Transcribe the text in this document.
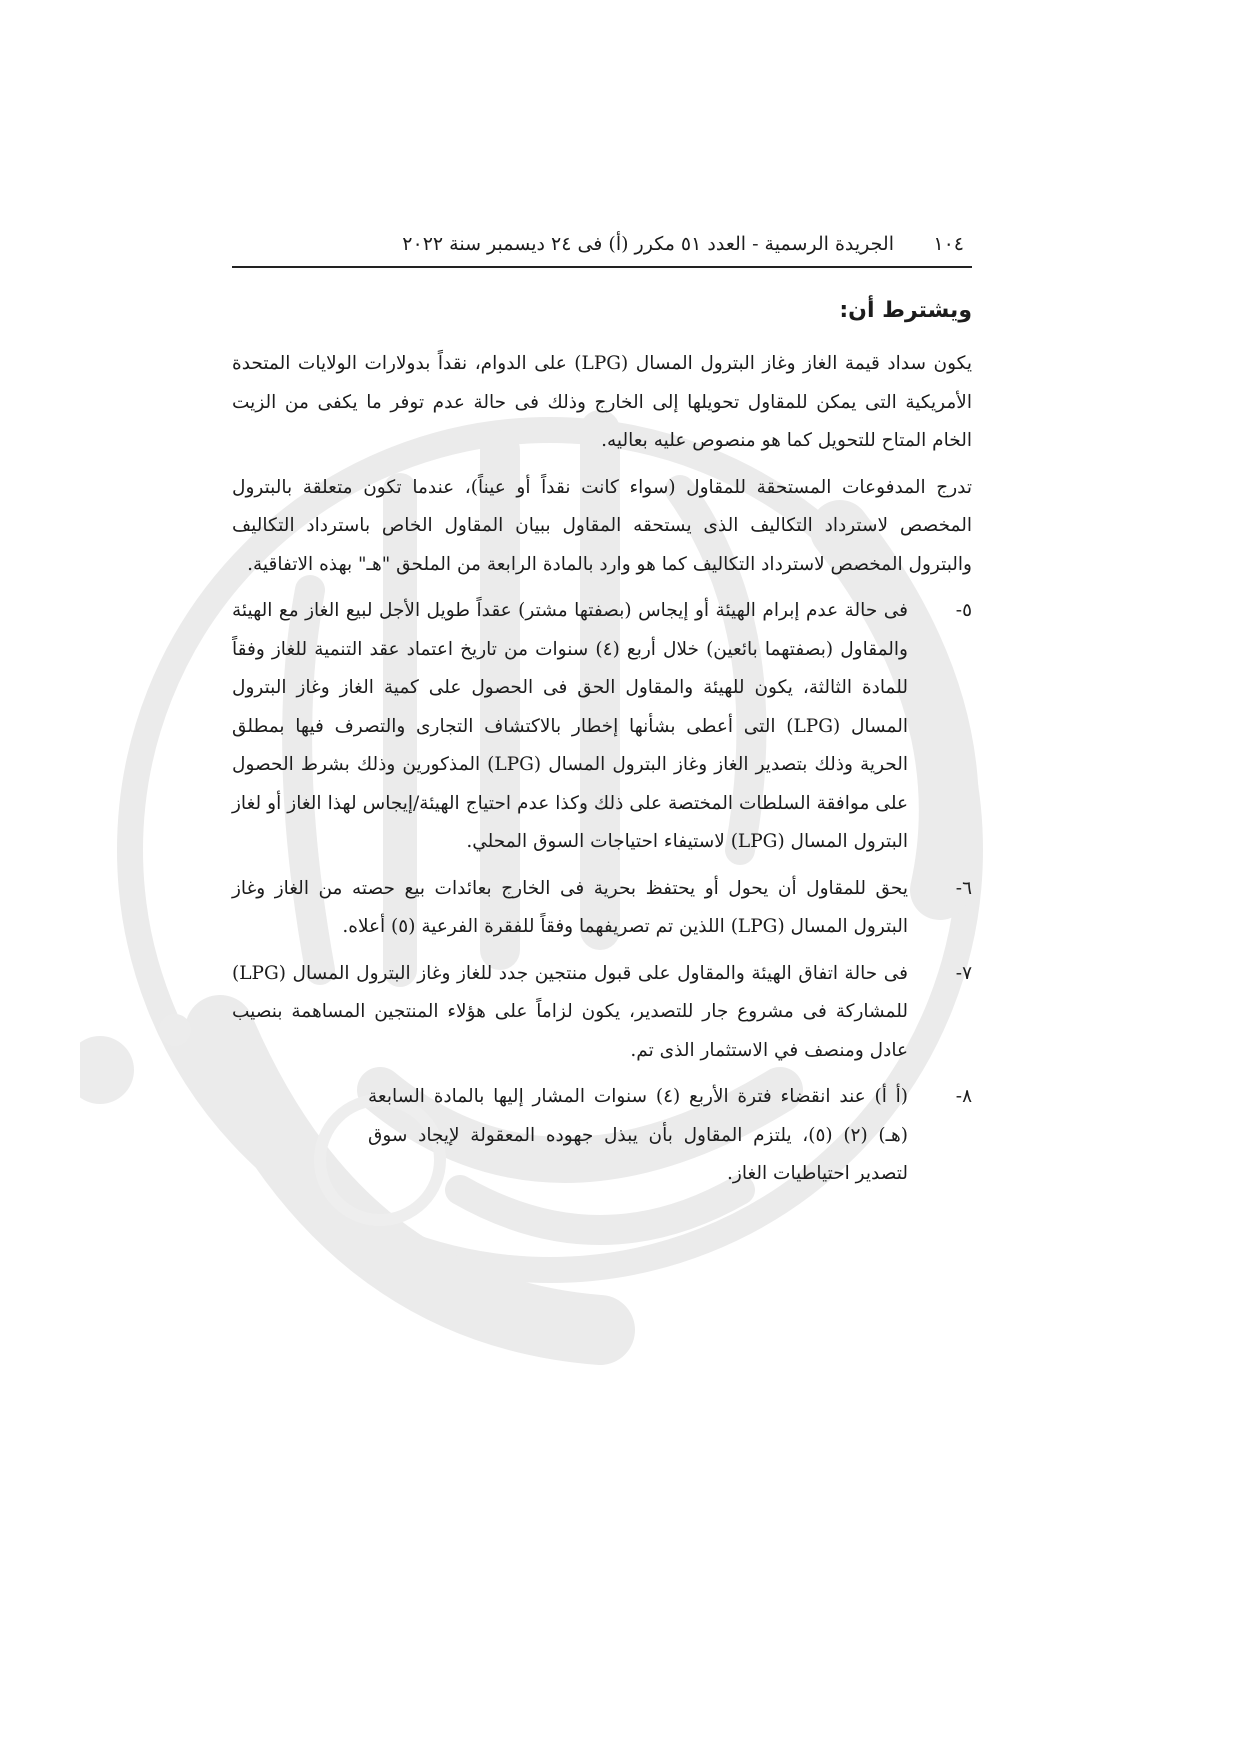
١٠٤
الجريدة الرسمية - العدد ٥١ مكرر (أ) فى ٢٤ ديسمبر سنة ٢٠٢٢
ويشترط أن:

يكون سداد قيمة الغاز وغاز البترول المسال (LPG) على الدوام، نقداً بدولارات الولايات المتحدة الأمريكية التى يمكن للمقاول تحويلها إلى الخارج وذلك فى حالة عدم توفر ما يكفى من الزيت الخام المتاح للتحويل كما هو منصوص عليه بعاليه.

تدرج المدفوعات المستحقة للمقاول (سواء كانت نقداً أو عيناً)، عندما تكون متعلقة بالبترول المخصص لاسترداد التكاليف الذى يستحقه المقاول ببيان المقاول الخاص باسترداد التكاليف والبترول المخصص لاسترداد التكاليف كما هو وارد بالمادة الرابعة من الملحق "هـ" بهذه الاتفاقية.

٥-
فى حالة عدم إبرام الهيئة أو إيجاس (بصفتها مشتر) عقداً طويل الأجل لبيع الغاز مع الهيئة والمقاول (بصفتهما بائعين) خلال أربع (٤) سنوات من تاريخ اعتماد عقد التنمية للغاز وفقاً للمادة الثالثة، يكون للهيئة والمقاول الحق فى الحصول على كمية الغاز وغاز البترول المسال (LPG) التى أعطى بشأنها إخطار بالاكتشاف التجارى والتصرف فيها بمطلق الحرية وذلك بتصدير الغاز وغاز البترول المسال (LPG) المذكورين وذلك بشرط الحصول على موافقة السلطات المختصة على ذلك وكذا عدم احتياج الهيئة/إيجاس لهذا الغاز أو لغاز البترول المسال (LPG) لاستيفاء احتياجات السوق المحلي.
٦-
يحق للمقاول أن يحول أو يحتفظ بحرية فى الخارج بعائدات بيع حصته من الغاز وغاز البترول المسال (LPG) اللذين تم تصريفهما وفقاً للفقرة الفرعية (٥) أعلاه.
٧-
فى حالة اتفاق الهيئة والمقاول على قبول منتجين جدد للغاز وغاز البترول المسال (LPG) للمشاركة فى مشروع جار للتصدير، يكون لزاماً على هؤلاء المنتجين المساهمة بنصيب عادل ومنصف في الاستثمار الذى تم.
٨-
(أ أ) عند انقضاء فترة الأربع (٤) سنوات المشار إليها بالمادة السابعة (هـ) (٢) (٥)، يلتزم المقاول بأن يبذل جهوده المعقولة لإيجاد سوق لتصدير احتياطيات الغاز.
